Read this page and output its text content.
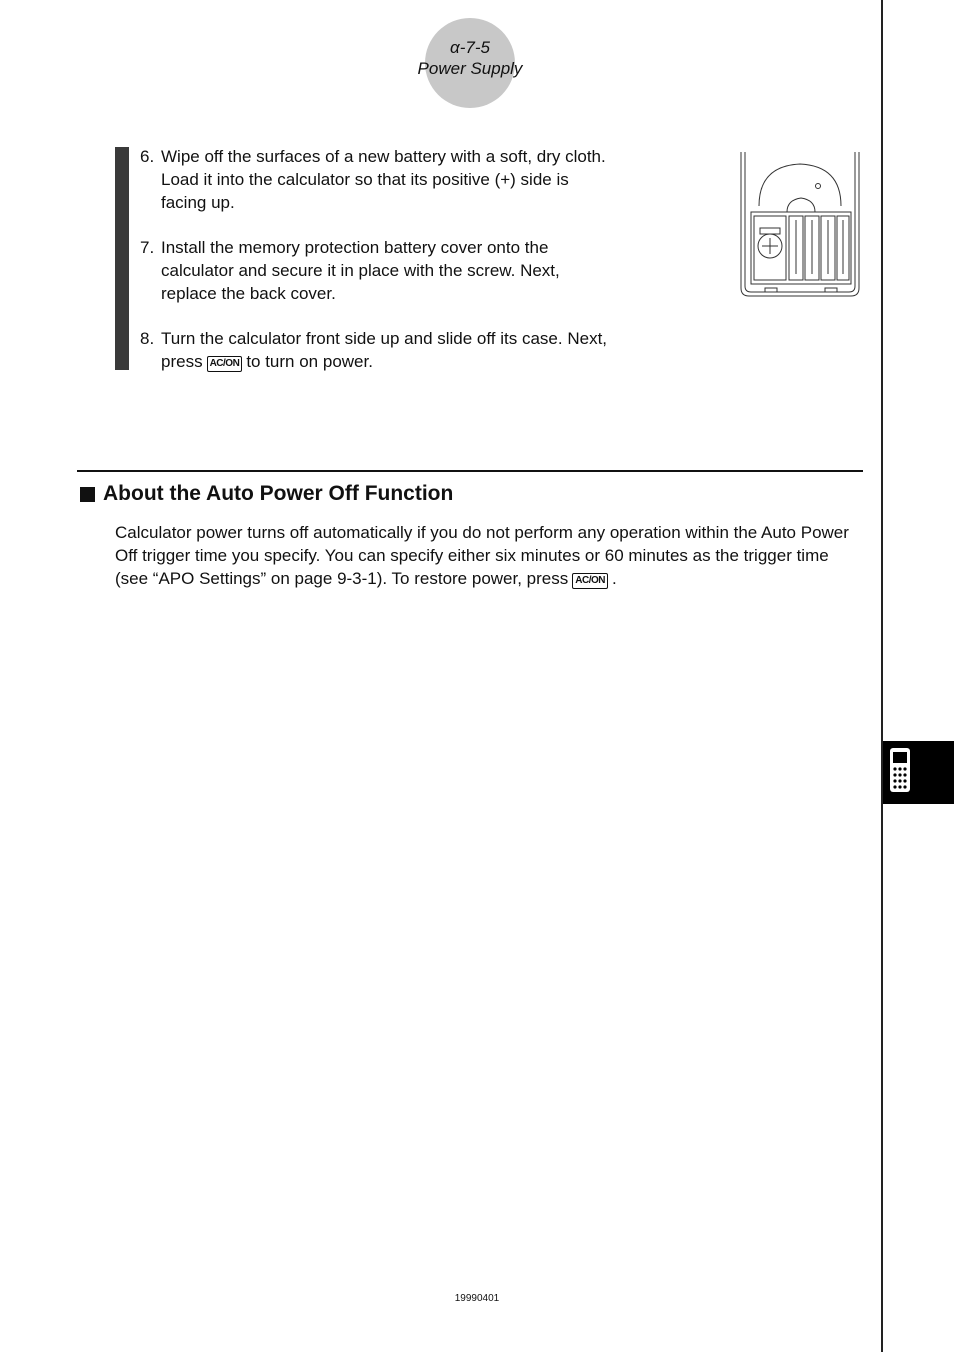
α-7-5
Power Supply
6. Wipe off the surfaces of a new battery with a soft, dry cloth. Load it into the calculator so that its positive (+) side is facing up.
7. Install the memory protection battery cover onto the calculator and secure it in place with the screw. Next, replace the back cover.
8. Turn the calculator front side up and slide off its case. Next, press AC/ON to turn on power.
About the Auto Power Off Function
Calculator power turns off automatically if you do not perform any operation within the Auto Power Off trigger time you specify. You can specify either six minutes or 60 minutes as the trigger time (see “APO Settings” on page 9-3-1). To restore power, press AC/ON .
19990401
